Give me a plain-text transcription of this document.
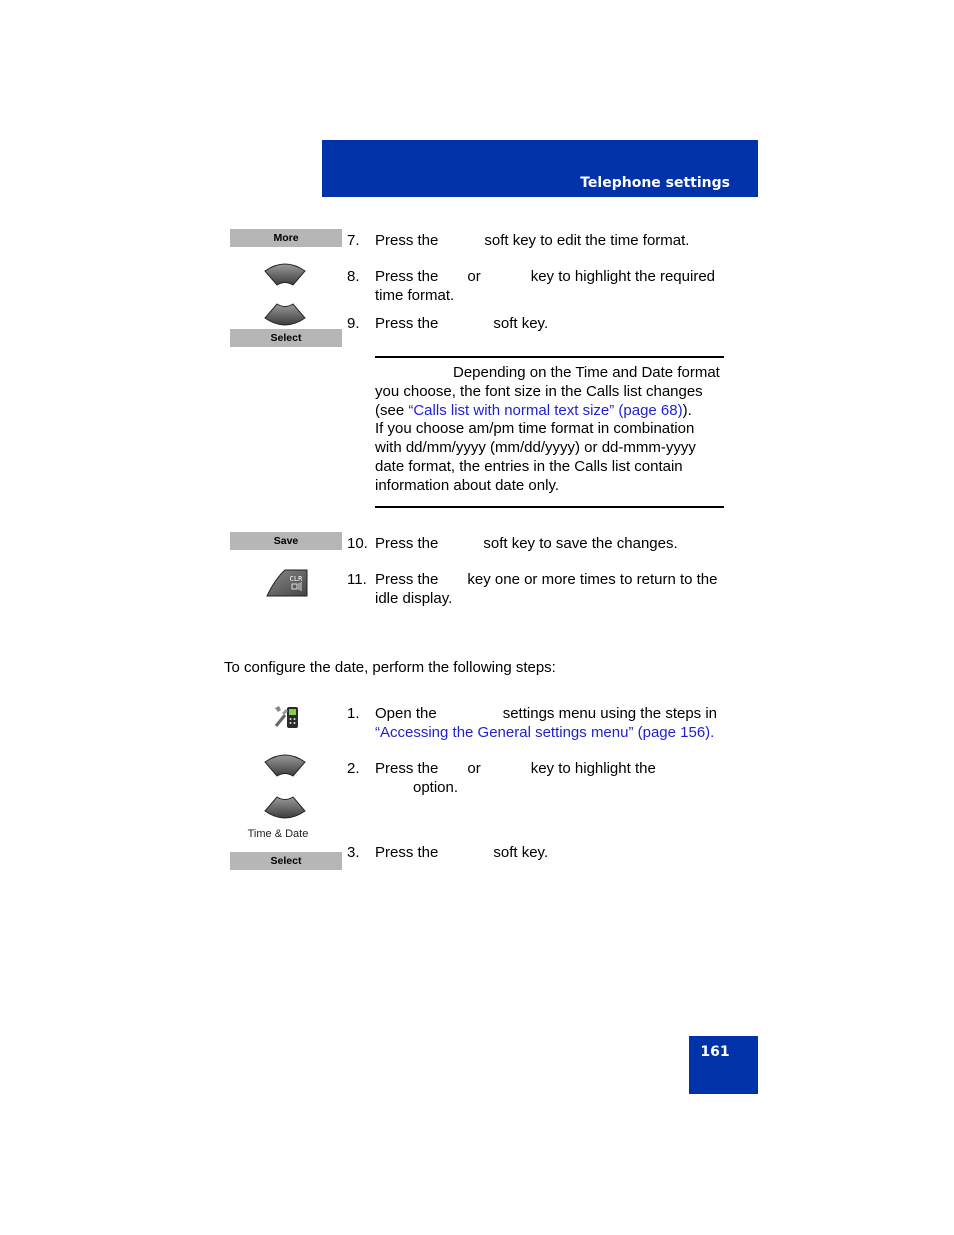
Telephone settings
More	7. Press the	soft key to edit the time format.
8. Press the or	key to highlight the required
time format.
Select
9. Press the	soft key.
Depending on the Time and Date format
you choose, the font size in the Calls list changes
(see “Calls list with normal text size” (page 68)).
If you choose am/pm time format in combination
with dd/mm/yyyy (mm/dd/yyyy) or dd-mmm-yyyy
date format, the entries in the Calls list contain
information about date only.
Save	10. Press the	soft key to save the changes.
CLR	11. Press the key one or more times to return to the
idle display.
To configure the date, perform the following steps:
1. Open the	settings menu using the steps in
“Accessing the General settings menu” (page 156).
2. Press the or	key to highlight the
option.
Time & Date
Select	3. Press the	soft key.
161
